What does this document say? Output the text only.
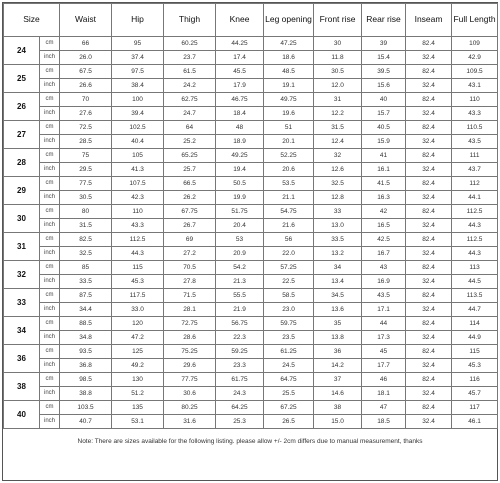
Size		Waist	Hip	Thigh	Knee	Leg opening	Front rise	Rear rise	Inseam	Full Length
24	cm	66	95	60.25	44.25	47.25	30	39	82.4	109
	inch	26.0	37.4	23.7	17.4	18.6	11.8	15.4	32.4	42.9
25	cm	67.5	97.5	61.5	45.5	48.5	30.5	39.5	82.4	109.5
	inch	26.6	38.4	24.2	17.9	19.1	12.0	15.6	32.4	43.1
26	cm	70	100	62.75	46.75	49.75	31	40	82.4	110
	inch	27.6	39.4	24.7	18.4	19.6	12.2	15.7	32.4	43.3
27	cm	72.5	102.5	64	48	51	31.5	40.5	82.4	110.5
	inch	28.5	40.4	25.2	18.9	20.1	12.4	15.9	32.4	43.5
28	cm	75	105	65.25	49.25	52.25	32	41	82.4	111
	inch	29.5	41.3	25.7	19.4	20.6	12.6	16.1	32.4	43.7
29	cm	77.5	107.5	66.5	50.5	53.5	32.5	41.5	82.4	112
	inch	30.5	42.3	26.2	19.9	21.1	12.8	16.3	32.4	44.1
30	cm	80	110	67.75	51.75	54.75	33	42	82.4	112.5
	inch	31.5	43.3	26.7	20.4	21.6	13.0	16.5	32.4	44.3
31	cm	82.5	112.5	69	53	56	33.5	42.5	82.4	112.5
	inch	32.5	44.3	27.2	20.9	22.0	13.2	16.7	32.4	44.3
32	cm	85	115	70.5	54.2	57.25	34	43	82.4	113
	inch	33.5	45.3	27.8	21.3	22.5	13.4	16.9	32.4	44.5
33	cm	87.5	117.5	71.5	55.5	58.5	34.5	43.5	82.4	113.5
	inch	34.4	33.0	28.1	21.9	23.0	13.6	17.1	32.4	44.7
34	cm	88.5	120	72.75	56.75	59.75	35	44	82.4	114
	inch	34.8	47.2	28.6	22.3	23.5	13.8	17.3	32.4	44.9
36	cm	93.5	125	75.25	59.25	61.25	36	45	82.4	115
	inch	36.8	49.2	29.6	23.3	24.5	14.2	17.7	32.4	45.3
38	cm	98.5	130	77.75	61.75	64.75	37	46	82.4	116
	inch	38.8	51.2	30.6	24.3	25.5	14.6	18.1	32.4	45.7
40	cm	103.5	135	80.25	64.25	67.25	38	47	82.4	117
	inch	40.7	53.1	31.6	25.3	26.5	15.0	18.5	32.4	46.1
Note: There are sizes available for the following listing. please allow +/- 2cm differs due to manual measurement, thanks
